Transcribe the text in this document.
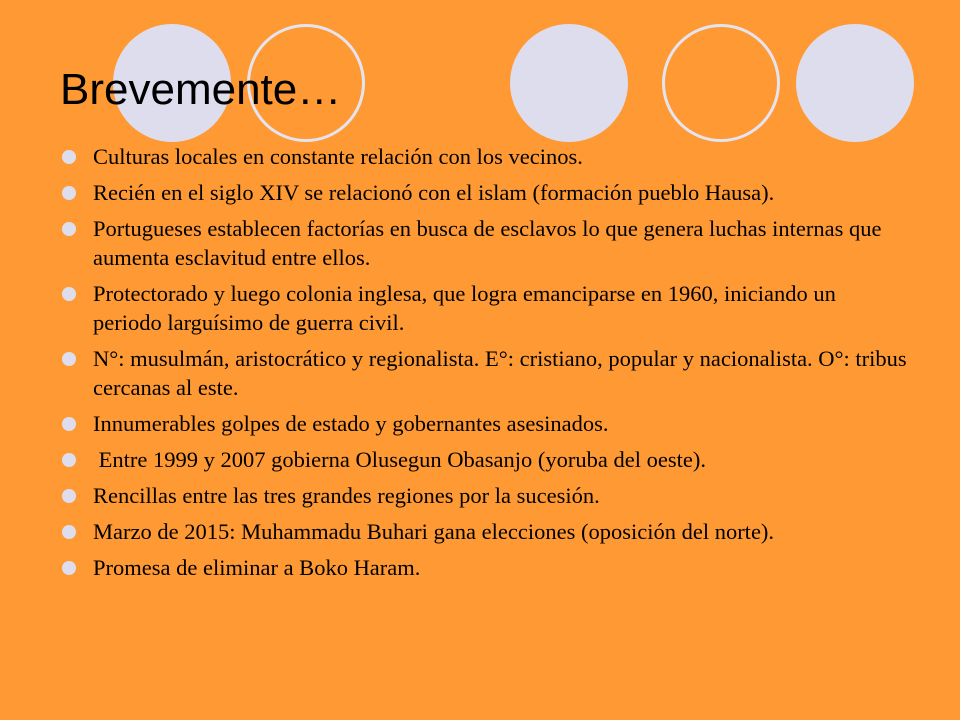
Brevemente…
Culturas locales en constante relación con los vecinos.
Recién en el siglo XIV se relacionó con el islam (formación pueblo Hausa).
Portugueses establecen factorías en busca de esclavos lo que genera luchas internas que aumenta esclavitud entre ellos.
Protectorado y luego colonia inglesa, que logra emanciparse en 1960, iniciando un periodo larguísimo de guerra civil.
N°: musulmán, aristocrático y regionalista. E°: cristiano, popular y nacionalista. O°: tribus cercanas al este.
Innumerables golpes de estado y gobernantes asesinados.
Entre 1999 y 2007 gobierna Olusegun Obasanjo (yoruba del oeste).
Rencillas entre las tres grandes regiones por la sucesión.
Marzo de 2015: Muhammadu Buhari gana elecciones (oposición del norte).
Promesa de eliminar a Boko Haram.
